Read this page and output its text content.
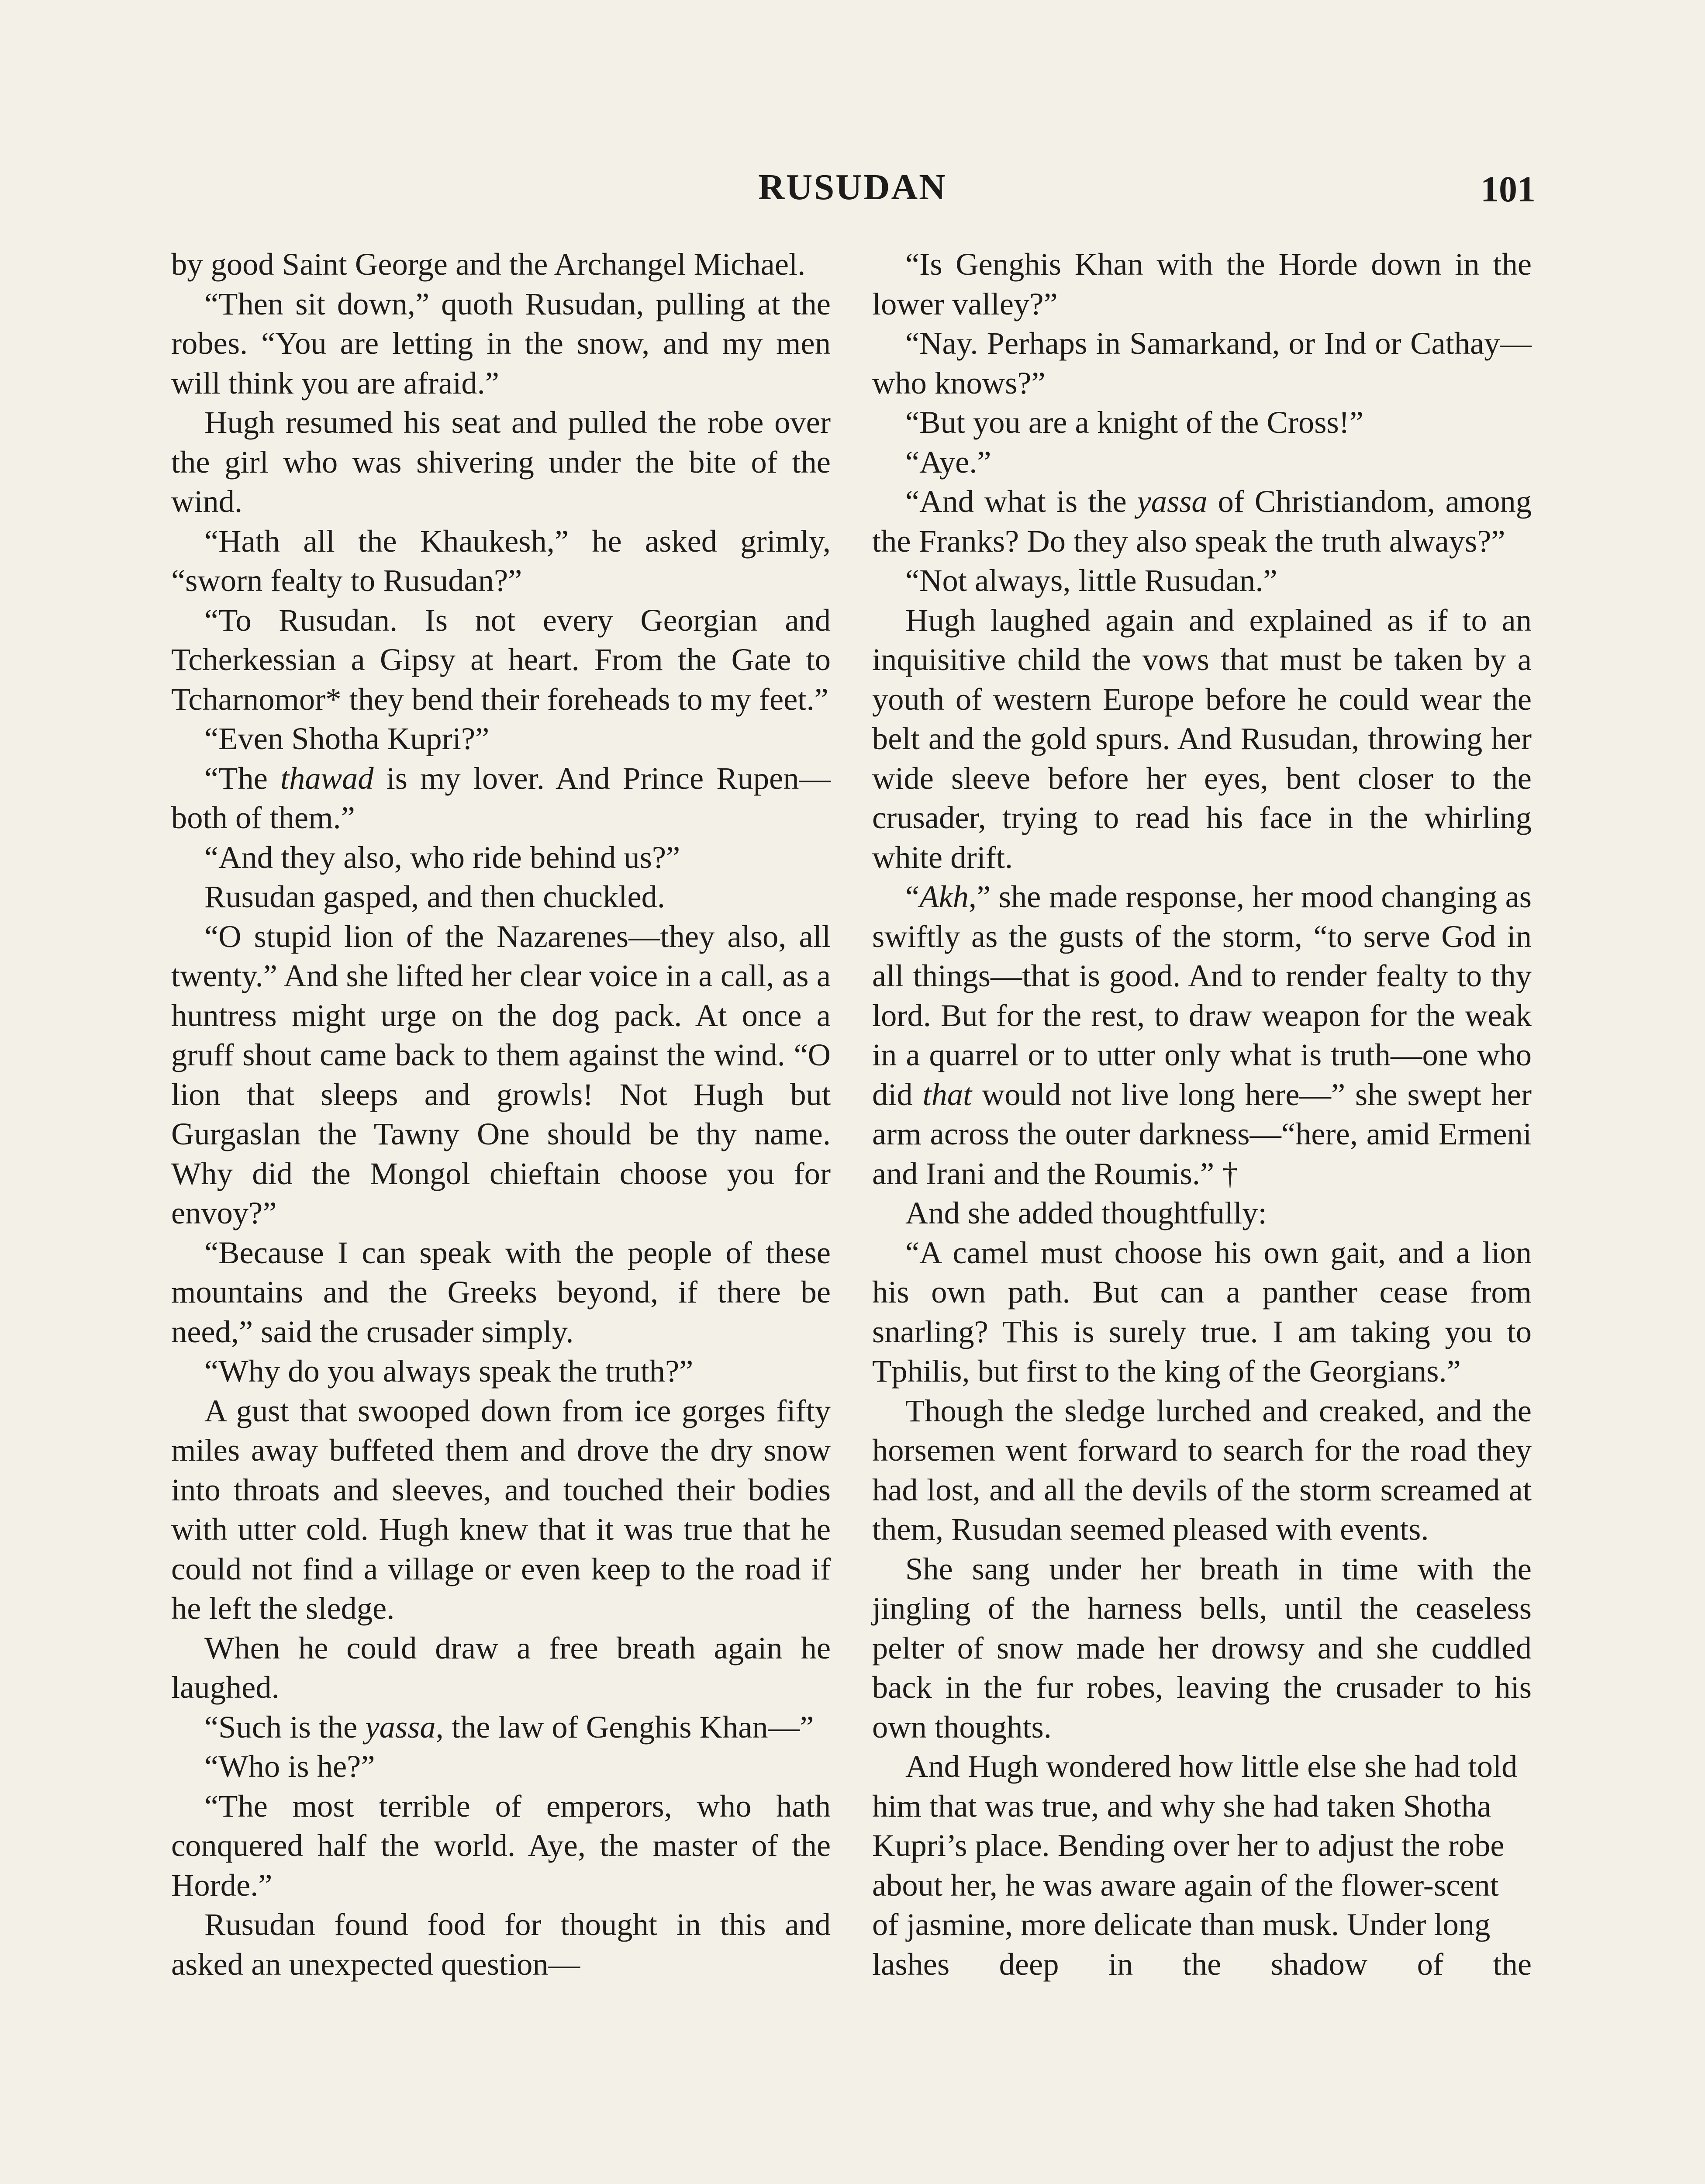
RUSUDAN	101

by good Saint George and the Archangel Michael.

“Then sit down,” quoth Rusudan, pulling at the robes. “You are letting in the snow, and my men will think you are afraid.”

Hugh resumed his seat and pulled the robe over the girl who was shivering under the bite of the wind.

“Hath all the Khaukesh,” he asked grimly, “sworn fealty to Rusudan?”

“To Rusudan. Is not every Georgian and Tcherkessian a Gipsy at heart. From the Gate to Tcharnomor* they bend their foreheads to my feet.”

“Even Shotha Kupri?”

“The thawad is my lover. And Prince Rupen—both of them.”

“And they also, who ride behind us?”

Rusudan gasped, and then chuckled.

“O stupid lion of the Nazarenes—they also, all twenty.” And she lifted her clear voice in a call, as a huntress might urge on the dog pack. At once a gruff shout came back to them against the wind. “O lion that sleeps and growls! Not Hugh but Gurgaslan the Tawny One should be thy name. Why did the Mongol chieftain choose you for envoy?”

“Because I can speak with the people of these mountains and the Greeks beyond, if there be need,” said the crusader simply.

“Why do you always speak the truth?”

A gust that swooped down from ice gorges fifty miles away buffeted them and drove the dry snow into throats and sleeves, and touched their bodies with utter cold. Hugh knew that it was true that he could not find a village or even keep to the road if he left the sledge.

When he could draw a free breath again he laughed.

“Such is the yassa, the law of Genghis Khan—”

“Who is he?”

“The most terrible of emperors, who hath conquered half the world. Aye, the master of the Horde.”

Rusudan found food for thought in this and asked an unexpected question—

“Is Genghis Khan with the Horde down in the lower valley?”

“Nay. Perhaps in Samarkand, or Ind or Cathay—who knows?”

“But you are a knight of the Cross!”

“Aye.”

“And what is the yassa of Christiandom, among the Franks? Do they also speak the truth always?”

“Not always, little Rusudan.”

Hugh laughed again and explained as if to an inquisitive child the vows that must be taken by a youth of western Europe before he could wear the belt and the gold spurs. And Rusudan, throwing her wide sleeve before her eyes, bent closer to the crusader, trying to read his face in the whirling white drift.

“Akh,” she made response, her mood changing as swiftly as the gusts of the storm, “to serve God in all things—that is good. And to render fealty to thy lord. But for the rest, to draw weapon for the weak in a quarrel or to utter only what is truth—one who did that would not live long here—” she swept her arm across the outer darkness—“here, amid Ermeni and Irani and the Roumis.” †

And she added thoughtfully:

“A camel must choose his own gait, and a lion his own path. But can a panther cease from snarling? This is surely true. I am taking you to Tphilis, but first to the king of the Georgians.”

Though the sledge lurched and creaked, and the horsemen went forward to search for the road they had lost, and all the devils of the storm screamed at them, Rusudan seemed pleased with events.

She sang under her breath in time with the jingling of the harness bells, until the ceaseless pelter of snow made her drowsy and she cuddled back in the fur robes, leaving the crusader to his own thoughts.

And Hugh wondered how little else she had told him that was true, and why she had taken Shotha Kupri’s place. Bending over her to adjust the robe about her, he was aware again of the flower-scent of jasmine, more delicate than musk. Under long lashes deep in the shadow of the
